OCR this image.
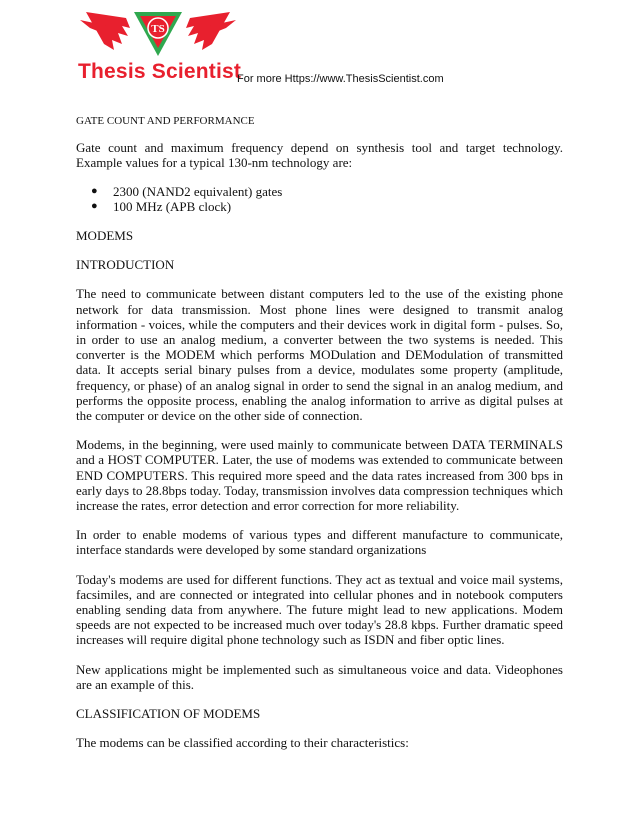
TS
Thesis Scientist
For more Https://www.ThesisScientist.com
GATE COUNT AND PERFORMANCE
Gate count and maximum frequency depend on synthesis tool and target technology. Example values for a typical 130-nm technology are:
● 2300 (NAND2 equivalent) gates
● 100 MHz (APB clock)
MODEMS
INTRODUCTION
The need to communicate between distant computers led to the use of the existing phone network for data transmission. Most phone lines were designed to transmit analog information - voices, while the computers and their devices work in digital form - pulses. So, in order to use an analog medium, a converter between the two systems is needed. This converter is the MODEM which performs MODulation and DEModulation of transmitted data. It accepts serial binary pulses from a device, modulates some property (amplitude, frequency, or phase) of an analog signal in order to send the signal in an analog medium, and performs the opposite process, enabling the analog information to arrive as digital pulses at the computer or device on the other side of connection.
Modems, in the beginning, were used mainly to communicate between DATA TERMINALS and a HOST COMPUTER. Later, the use of modems was extended to communicate between END COMPUTERS. This required more speed and the data rates increased from 300 bps in early days to 28.8bps today. Today, transmission involves data compression techniques which increase the rates, error detection and error correction for more reliability.
In order to enable modems of various types and different manufacture to communicate, interface standards were developed by some standard organizations
Today's modems are used for different functions. They act as textual and voice mail systems, facsimiles, and are connected or integrated into cellular phones and in notebook computers enabling sending data from anywhere. The future might lead to new applications. Modem speeds are not expected to be increased much over today's 28.8 kbps. Further dramatic speed increases will require digital phone technology such as ISDN and fiber optic lines.
New applications might be implemented such as simultaneous voice and data. Videophones are an example of this.
CLASSIFICATION OF MODEMS
The modems can be classified according to their characteristics:
